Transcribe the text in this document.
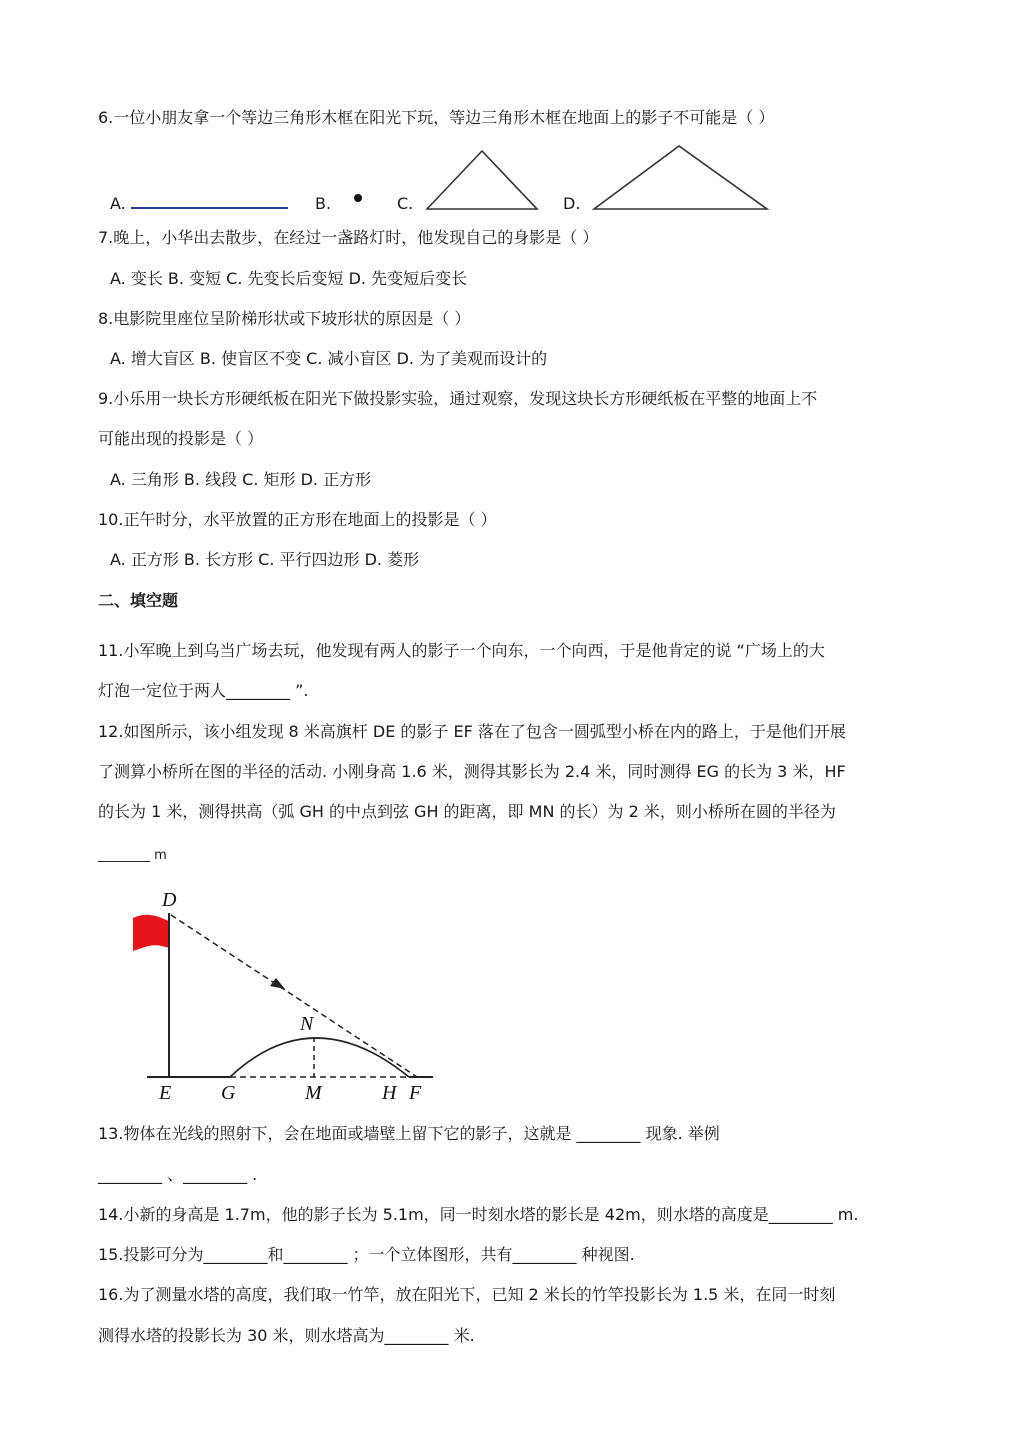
6.一位小朋友拿一个等边三角形木框在阳光下玩，等边三角形木框在地面上的影子不可能是（ ）
A.	B.	C.	D.
7.晚上，小华出去散步，在经过一盏路灯时，他发现自己的身影是（ ）
A. 变长 B. 变短 C. 先变长后变短 D. 先变短后变长
8.电影院里座位呈阶梯形状或下坡形状的原因是（ ）
A. 增大盲区 B. 使盲区不变 C. 减小盲区 D. 为了美观而设计的
9.小乐用一块长方形硬纸板在阳光下做投影实验，通过观察，发现这块长方形硬纸板在平整的地面上不
可能出现的投影是（ ）
A. 三角形 B. 线段 C. 矩形 D. 正方形
10.正午时分，水平放置的正方形在地面上的投影是（ ）
A. 正方形 B. 长方形 C. 平行四边形 D. 菱形
二、填空题
11.小军晚上到乌当广场去玩，他发现有两人的影子一个向东，一个向西，于是他肯定的说 “广场上的大
灯泡一定位于两人________ ”.
12.如图所示，该小组发现 8 米高旗杆 DE 的影子 EF 落在了包含一圆弧型小桥在内的路上，于是他们开展
了测算小桥所在图的半径的活动. 小刚身高 1.6 米，测得其影长为 2.4 米，同时测得 EG 的长为 3 米，HF
的长为 1 米，测得拱高（弧 GH 的中点到弦 GH 的距离，即 MN 的长）为 2 米，则小桥所在圆的半径为
________ m
D
N
E G	M	H F
13.物体在光线的照射下，会在地面或墙壁上留下它的影子，这就是 ________ 现象. 举例
________ 、________ .
14.小新的身高是 1.7m，他的影子长为 5.1m，同一时刻水塔的影长是 42m，则水塔的高度是________ m.
15.投影可分为________和________ ；一个立体图形，共有________ 种视图.
16.为了测量水塔的高度，我们取一竹竿，放在阳光下，已知 2 米长的竹竿投影长为 1.5 米，在同一时刻
测得水塔的投影长为 30 米，则水塔高为________ 米.
